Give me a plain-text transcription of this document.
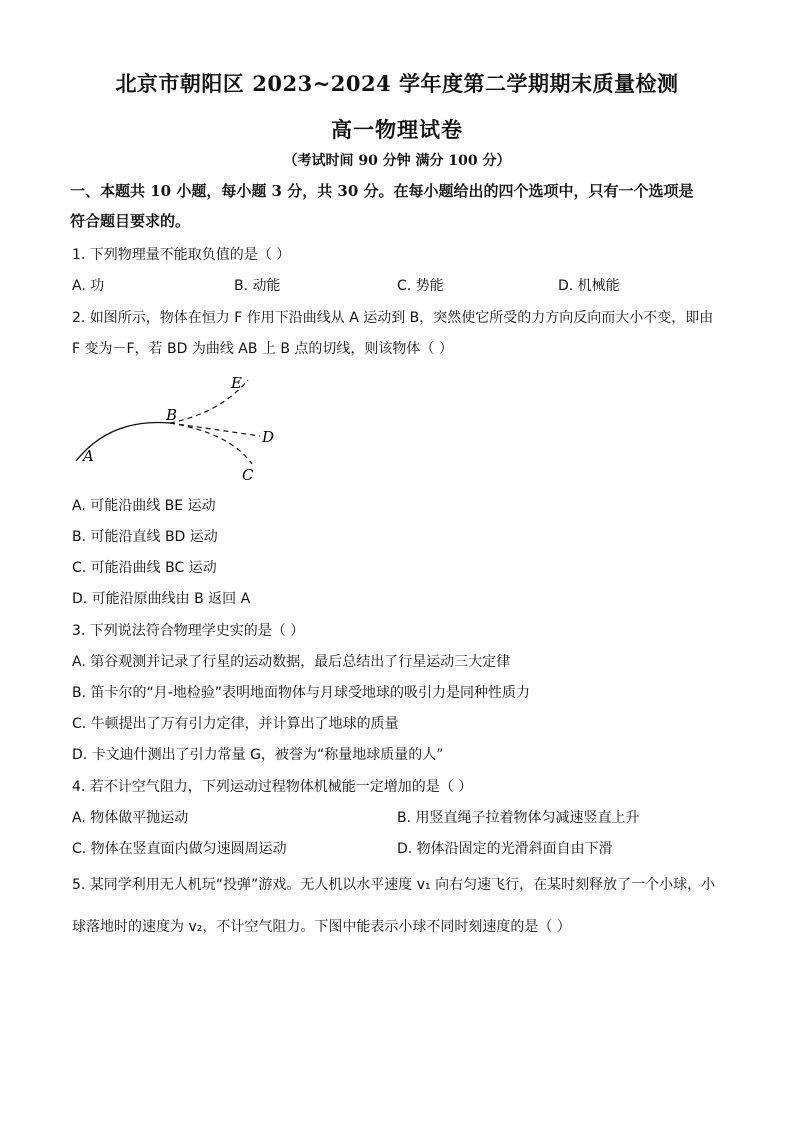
北京市朝阳区 2023~2024 学年度第二学期期末质量检测
高一物理试卷
（考试时间 90 分钟 满分 100 分）
一、本题共 10 小题，每小题 3 分，共 30 分。在每小题给出的四个选项中，只有一个选项是
符合题目要求的。
1. 下列物理量不能取负值的是（ ）
A. 功	B. 动能	C. 势能	D. 机械能
2. 如图所示，物体在恒力 F 作用下沿曲线从 A 运动到 B，突然使它所受的力方向反向而大小不变，即由
F 变为－F，若 BD 为曲线 AB 上 B 点的切线，则该物体（ ）
A
B
C
D
E
A. 可能沿曲线 BE 运动
B. 可能沿直线 BD 运动
C. 可能沿曲线 BC 运动
D. 可能沿原曲线由 B 返回 A
3. 下列说法符合物理学史实的是（ ）
A. 第谷观测并记录了行星的运动数据，最后总结出了行星运动三大定律
B. 笛卡尔的“月-地检验”表明地面物体与月球受地球的吸引力是同种性质力
C. 牛顿提出了万有引力定律，并计算出了地球的质量
D. 卡文迪什测出了引力常量 G，被誉为“称量地球质量的人”
4. 若不计空气阻力，下列运动过程物体机械能一定增加的是（ ）
A. 物体做平抛运动	B. 用竖直绳子拉着物体匀减速竖直上升
C. 物体在竖直面内做匀速圆周运动	D. 物体沿固定的光滑斜面自由下滑
5. 某同学利用无人机玩“投弹”游戏。无人机以水平速度 v₁ 向右匀速飞行，在某时刻释放了一个小球，小
球落地时的速度为 v₂，不计空气阻力。下图中能表示小球不同时刻速度的是（ ）
